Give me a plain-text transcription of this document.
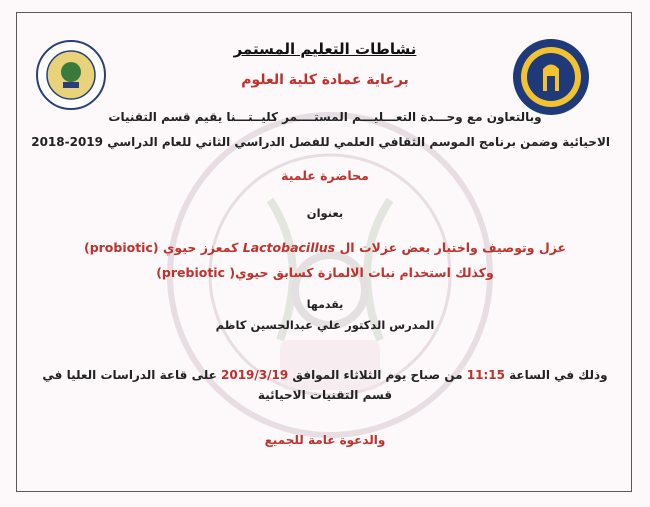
نشاطات التعليم المستمر
برعاية عمادة كلية العلوم
وبالتعاون مع وحـــدة التعـــليـــم المستــــمر كليــتـــنا يقيم قسم التقنيات
الاحيائية وضمن برنامج الموسم الثقافي العلمي للفصل الدراسي الثاني للعام الدراسي 2019-2018
محاضرة علمية
بعنوان
عزل وتوصيف واختبار بعض عزلات ال Lactobacillus كمعزز حيوي (probiotic)
وكذلك استخدام نبات الالمازة كسابق حيوي( prebiotic)
يقدمها
المدرس الدكتور علي عبدالحسين كاظم
وذلك في الساعة 11:15 من صباح يوم الثلاثاء الموافق 2019/3/19 على قاعة الدراسات العليا في
قسم التقنيات الاحيائية
والدعوة عامة للجميع
